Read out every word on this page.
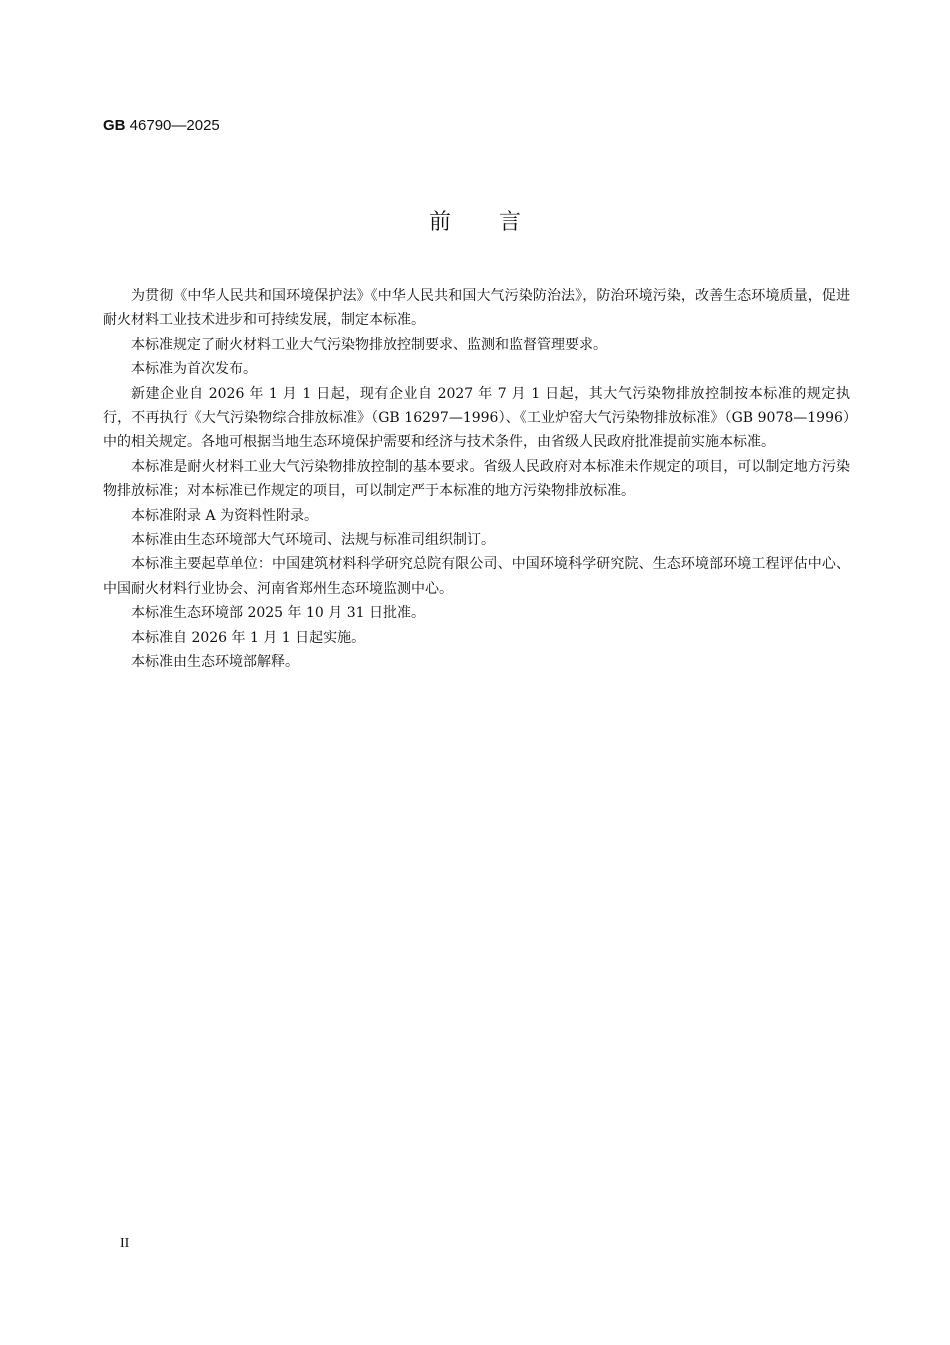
GB 46790—2025
前言

为贯彻《中华人民共和国环境保护法》《中华人民共和国大气污染防治法》，防治环境污染，改善生态环境质量，促进耐火材料工业技术进步和可持续发展，制定本标准。

本标准规定了耐火材料工业大气污染物排放控制要求、监测和监督管理要求。

本标准为首次发布。

新建企业自 2026 年 1 月 1 日起，现有企业自 2027 年 7 月 1 日起，其大气污染物排放控制按本标准的规定执行，不再执行《大气污染物综合排放标准》（GB 16297—1996）、《工业炉窑大气污染物排放标准》（GB 9078—1996）中的相关规定。各地可根据当地生态环境保护需要和经济与技术条件，由省级人民政府批准提前实施本标准。

本标准是耐火材料工业大气污染物排放控制的基本要求。省级人民政府对本标准未作规定的项目，可以制定地方污染物排放标准；对本标准已作规定的项目，可以制定严于本标准的地方污染物排放标准。

本标准附录 A 为资料性附录。

本标准由生态环境部大气环境司、法规与标准司组织制订。

本标准主要起草单位：中国建筑材料科学研究总院有限公司、中国环境科学研究院、生态环境部环境工程评估中心、中国耐火材料行业协会、河南省郑州生态环境监测中心。

本标准生态环境部 2025 年 10 月 31 日批准。

本标准自 2026 年 1 月 1 日起实施。

本标准由生态环境部解释。

II
